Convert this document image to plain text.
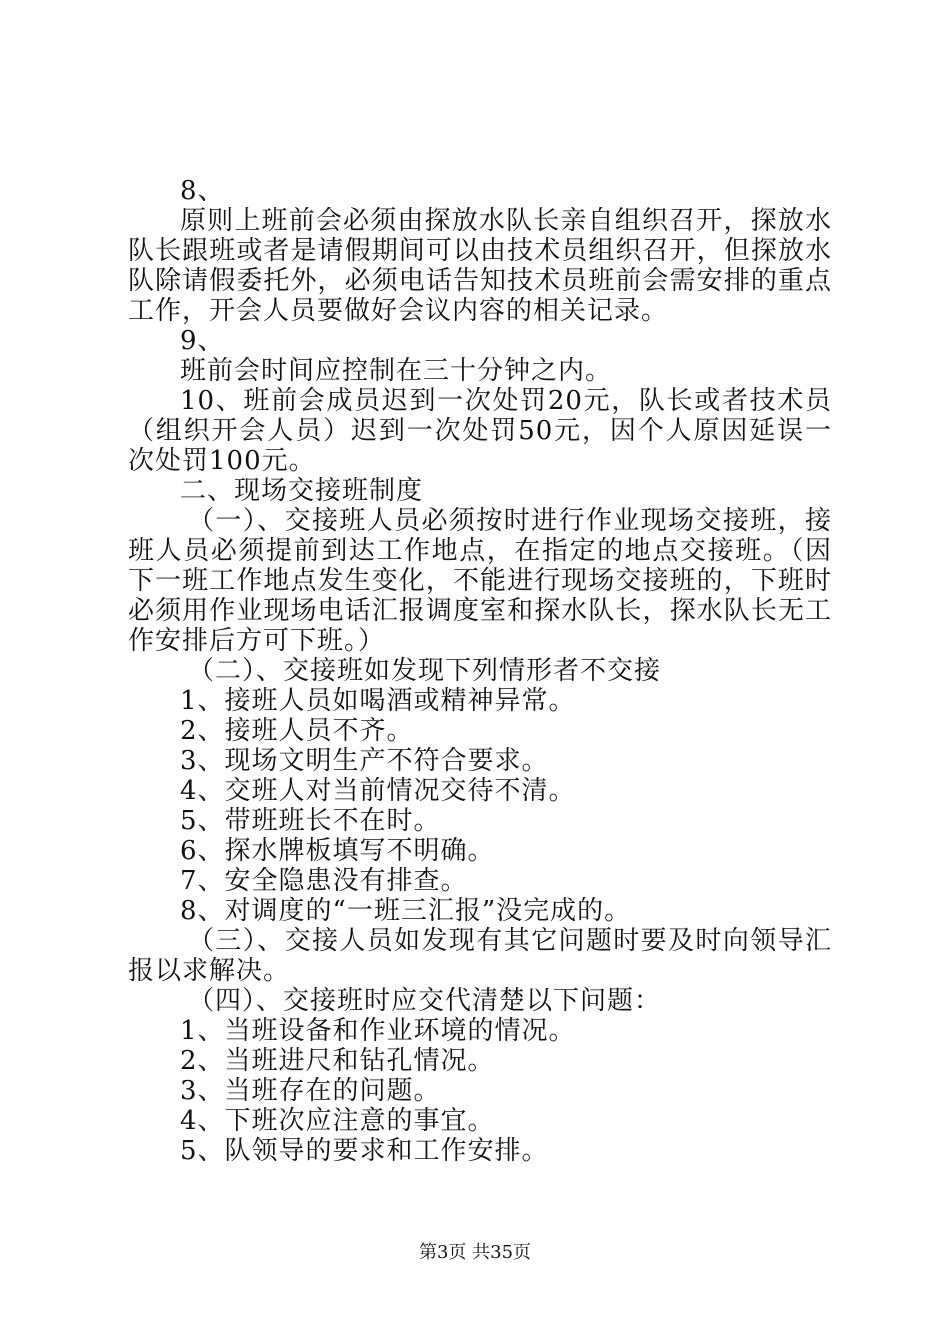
8、

原则上班前会必须由探放水队长亲自组织召开，探放水队长跟班或者是请假期间可以由技术员组织召开，但探放水队除请假委托外，必须电话告知技术员班前会需安排的重点工作，开会人员要做好会议内容的相关记录。

9、

班前会时间应控制在三十分钟之内。

10、班前会成员迟到一次处罚20元，队长或者技术员（组织开会人员）迟到一次处罚50元，因个人原因延误一次处罚100元。

二、现场交接班制度

（一）、交接班人员必须按时进行作业现场交接班，接班人员必须提前到达工作地点，在指定的地点交接班。（因下一班工作地点发生变化，不能进行现场交接班的，下班时必须用作业现场电话汇报调度室和探水队长，探水队长无工作安排后方可下班。）

（二）、交接班如发现下列情形者不交接

1、接班人员如喝酒或精神异常。

2、接班人员不齐。

3、现场文明生产不符合要求。

4、交班人对当前情况交待不清。

5、带班班长不在时。

6、探水牌板填写不明确。

7、安全隐患没有排查。

8、对调度的“一班三汇报”没完成的。

（三）、交接人员如发现有其它问题时要及时向领导汇报以求解决。

（四）、交接班时应交代清楚以下问题：

1、当班设备和作业环境的情况。

2、当班进尺和钻孔情况。

3、当班存在的问题。

4、下班次应注意的事宜。

5、队领导的要求和工作安排。

第3页 共35页
